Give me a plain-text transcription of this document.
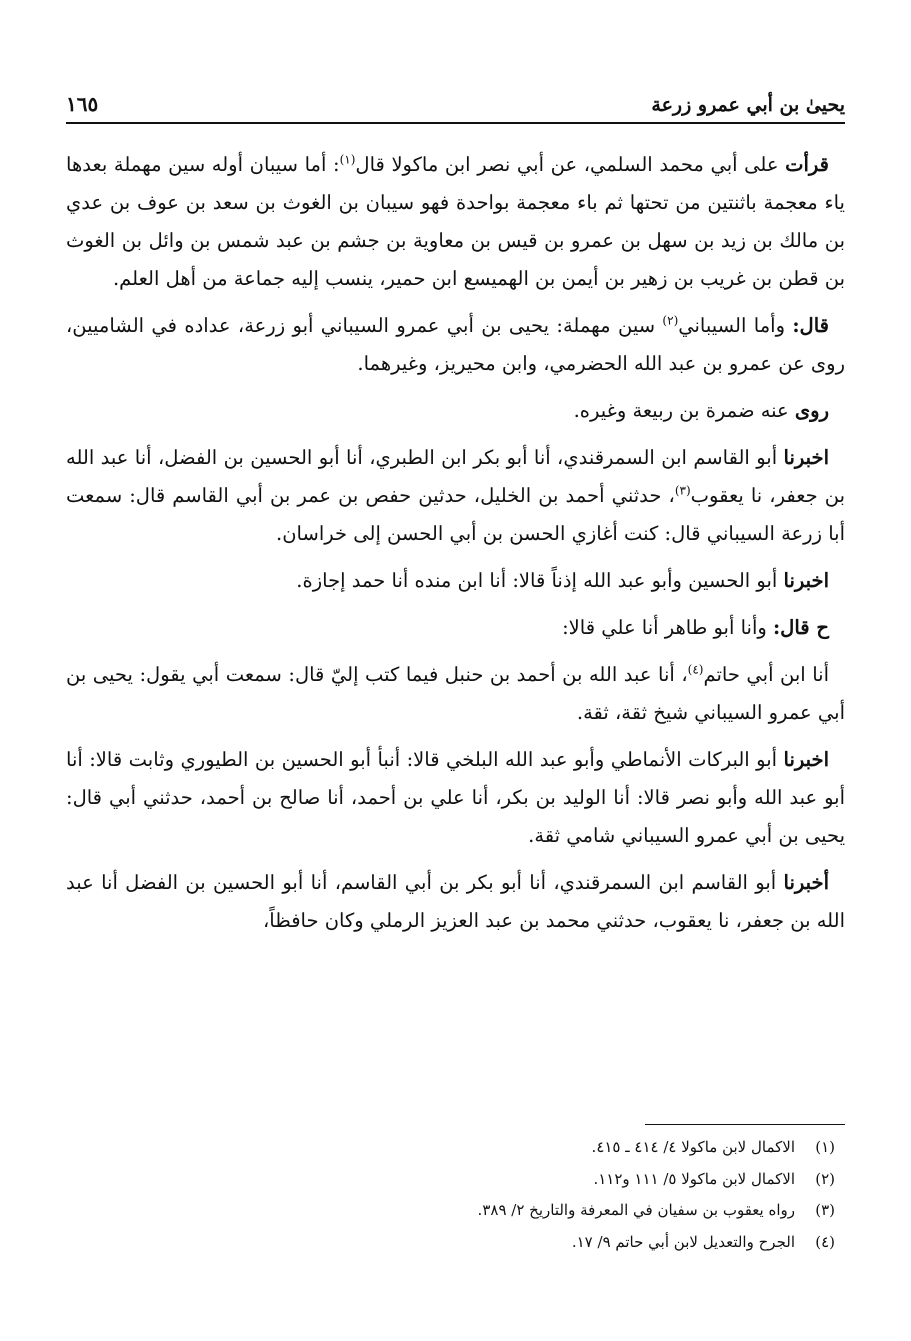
يحيىٰ بن أبي عمرو زرعة
١٦٥

قرأت على أبي محمد السلمي، عن أبي نصر ابن ماكولا قال$^{(١)}$: أما سيبان أوله سين مهملة بعدها ياء معجمة باثنتين من تحتها ثم باء معجمة بواحدة فهو سيبان بن الغوث بن سعد بن عوف بن عدي بن مالك بن زيد بن سهل بن عمرو بن قيس بن معاوية بن جشم بن عبد شمس بن وائل بن الغوث بن قطن بن غريب بن زهير بن أيمن بن الهميسع ابن حمير، ينسب إليه جماعة من أهل العلم.

قال: وأما السيباني$^{(٢)}$ سين مهملة: يحيى بن أبي عمرو السيباني أبو زرعة، عداده في الشاميين، روى عن عمرو بن عبد الله الحضرمي، وابن محيريز، وغيرهما.

روى عنه ضمرة بن ربيعة وغيره.

اخبرنا أبو القاسم ابن السمرقندي، أنا أبو بكر ابن الطبري، أنا أبو الحسين بن الفضل، أنا عبد الله بن جعفر، نا يعقوب$^{(٣)}$، حدثني أحمد بن الخليل، حدثين حفص بن عمر بن أبي القاسم قال: سمعت أبا زرعة السيباني قال: كنت أغازي الحسن بن أبي الحسن إلى خراسان.

اخبرنا أبو الحسين وأبو عبد الله إذناً قالا: أنا ابن منده أنا حمد إجازة.

ح قال: وأنا أبو طاهر أنا علي قالا:

أنا ابن أبي حاتم$^{(٤)}$، أنا عبد الله بن أحمد بن حنبل فيما كتب إليّ قال: سمعت أبي يقول: يحيى بن أبي عمرو السيباني شيخ ثقة، ثقة.

اخبرنا أبو البركات الأنماطي وأبو عبد الله البلخي قالا: أنبأ أبو الحسين بن الطيوري وثابت قالا: أنا أبو عبد الله وأبو نصر قالا: أنا الوليد بن بكر، أنا علي بن أحمد، أنا صالح بن أحمد، حدثني أبي قال: يحيى بن أبي عمرو السيباني شامي ثقة.

أخبرنا أبو القاسم ابن السمرقندي، أنا أبو بكر بن أبي القاسم، أنا أبو الحسين بن الفضل أنا عبد الله بن جعفر، نا يعقوب، حدثني محمد بن عبد العزيز الرملي وكان حافظاً،

(١)
الاكمال لابن ماكولا ٤/ ٤١٤ ـ ٤١٥.
(٢)
الاكمال لابن ماكولا ٥/ ١١١ و١١٢.
(٣)
رواه يعقوب بن سفيان في المعرفة والتاريخ ٢/ ٣٨٩.
(٤)
الجرح والتعديل لابن أبي حاتم ٩/ ١٧.
